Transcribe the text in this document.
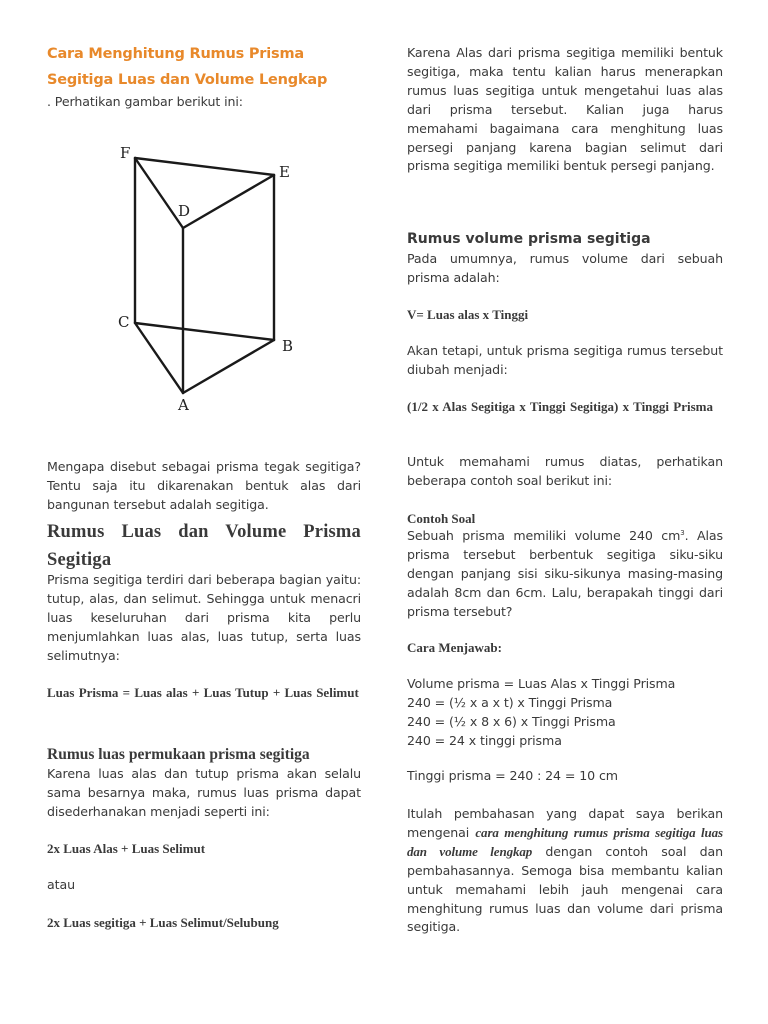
Cara Menghitung Rumus Prisma
Segitiga Luas dan Volume Lengkap

. Perhatikan gambar berikut ini:

F
E
D
C
B
A

Mengapa disebut sebagai prisma tegak segitiga? Tentu saja itu dikarenakan bentuk alas dari bangunan tersebut adalah segitiga.

Rumus Luas dan Volume Prisma Segitiga

Prisma segitiga terdiri dari beberapa bagian yaitu: tutup, alas, dan selimut. Sehingga untuk menacri luas keseluruhan dari prisma kita perlu menjumlahkan luas alas, luas tutup, serta luas selimutnya:

Luas Prisma = Luas alas + Luas Tutup + Luas Selimut

Rumus luas permukaan prisma segitiga

Karena luas alas dan tutup prisma akan selalu sama besarnya maka, rumus luas prisma dapat disederhanakan menjadi seperti ini:

2x Luas Alas + Luas Selimut

atau

2x Luas segitiga + Luas Selimut/Selubung

Karena Alas dari prisma segitiga memiliki bentuk segitiga, maka tentu kalian harus menerapkan rumus luas segitiga untuk mengetahui luas alas dari prisma tersebut. Kalian juga harus memahami bagaimana cara menghitung luas persegi panjang karena bagian selimut dari prisma segitiga memiliki bentuk persegi panjang.

Rumus volume prisma segitiga

Pada umumnya, rumus volume dari sebuah prisma adalah:

V= Luas alas x Tinggi

Akan tetapi, untuk prisma segitiga rumus tersebut diubah menjadi:

(1/2 x Alas Segitiga x Tinggi Segitiga) x Tinggi Prisma

Untuk memahami rumus diatas, perhatikan beberapa contoh soal berikut ini:

Contoh Soal

Sebuah prisma memiliki volume 240 $cm^3$. Alas prisma tersebut berbentuk segitiga siku-siku dengan panjang sisi siku-sikunya masing-masing adalah 8cm dan 6cm. Lalu, berapakah tinggi dari prisma tersebut?

Cara Menjawab:

Volume prisma = Luas Alas x Tinggi Prisma
240 = (½ x a x t) x Tinggi Prisma
240 = (½ x 8 x 6) x Tinggi Prisma
240 = 24 x tinggi prisma

Tinggi prisma = 240 : 24 = 10 cm

Itulah pembahasan yang dapat saya berikan mengenai cara menghitung rumus prisma segitiga luas dan volume lengkap dengan contoh soal dan pembahasannya. Semoga bisa membantu kalian untuk memahami lebih jauh mengenai cara menghitung rumus luas dan volume dari prisma segitiga.
